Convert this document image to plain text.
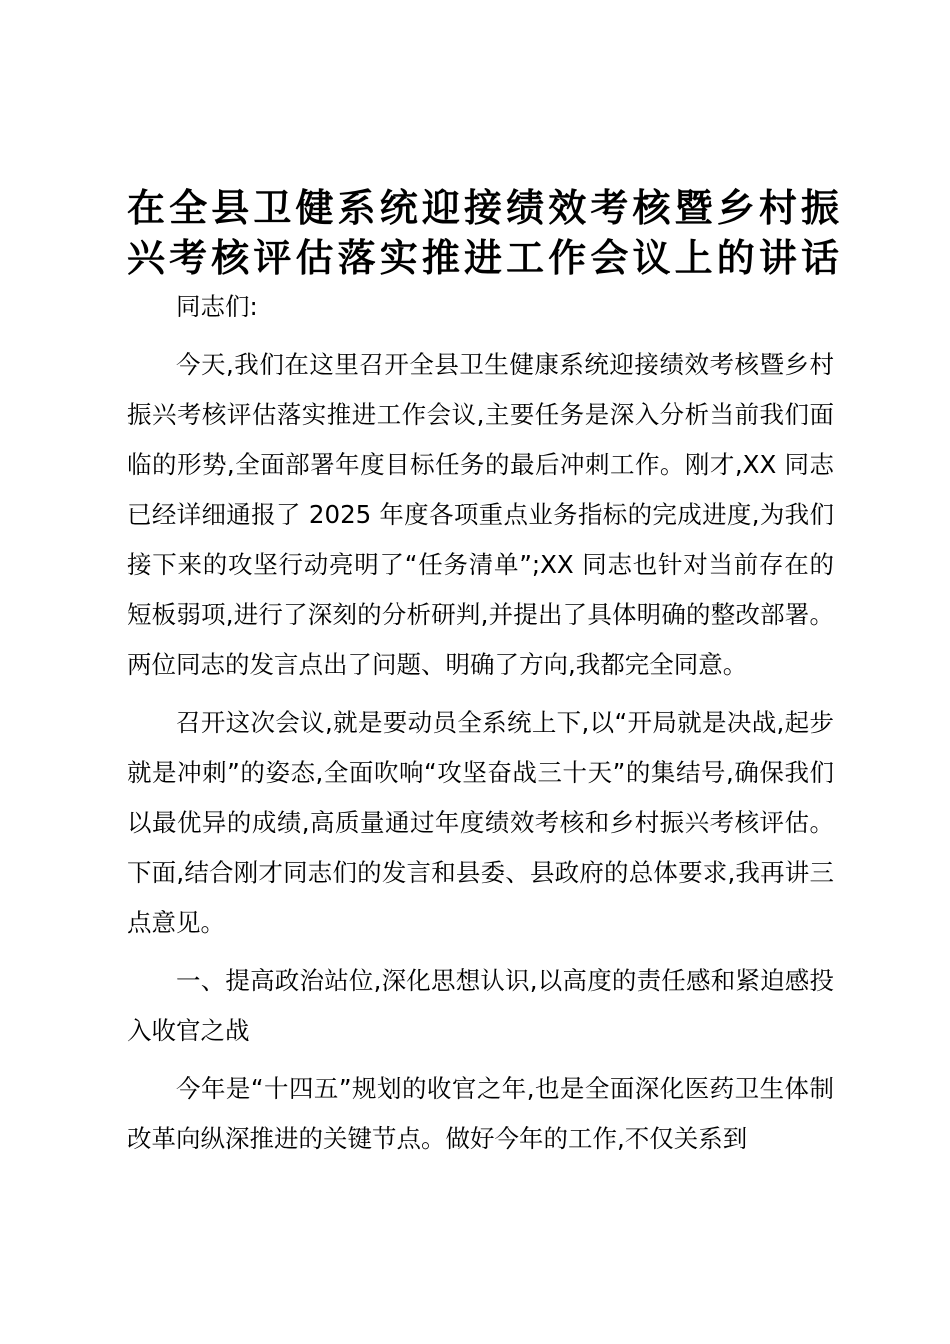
在全县卫健系统迎接绩效考核暨乡村振
兴考核评估落实推进工作会议上的讲话

同志们:

今天,我们在这里召开全县卫生健康系统迎接绩效考核暨乡村振兴考核评估落实推进工作会议,主要任务是深入分析当前我们面临的形势,全面部署年度目标任务的最后冲刺工作。刚才,XX 同志已经详细通报了 2025 年度各项重点业务指标的完成进度,为我们接下来的攻坚行动亮明了“任务清单”;XX 同志也针对当前存在的短板弱项,进行了深刻的分析研判,并提出了具体明确的整改部署。两位同志的发言点出了问题、明确了方向,我都完全同意。

召开这次会议,就是要动员全系统上下,以“开局就是决战,起步就是冲刺”的姿态,全面吹响“攻坚奋战三十天”的集结号,确保我们以最优异的成绩,高质量通过年度绩效考核和乡村振兴考核评估。下面,结合刚才同志们的发言和县委、县政府的总体要求,我再讲三点意见。

一、提高政治站位,深化思想认识,以高度的责任感和紧迫感投入收官之战

今年是“十四五”规划的收官之年,也是全面深化医药卫生体制改革向纵深推进的关键节点。做好今年的工作,不仅关系到
